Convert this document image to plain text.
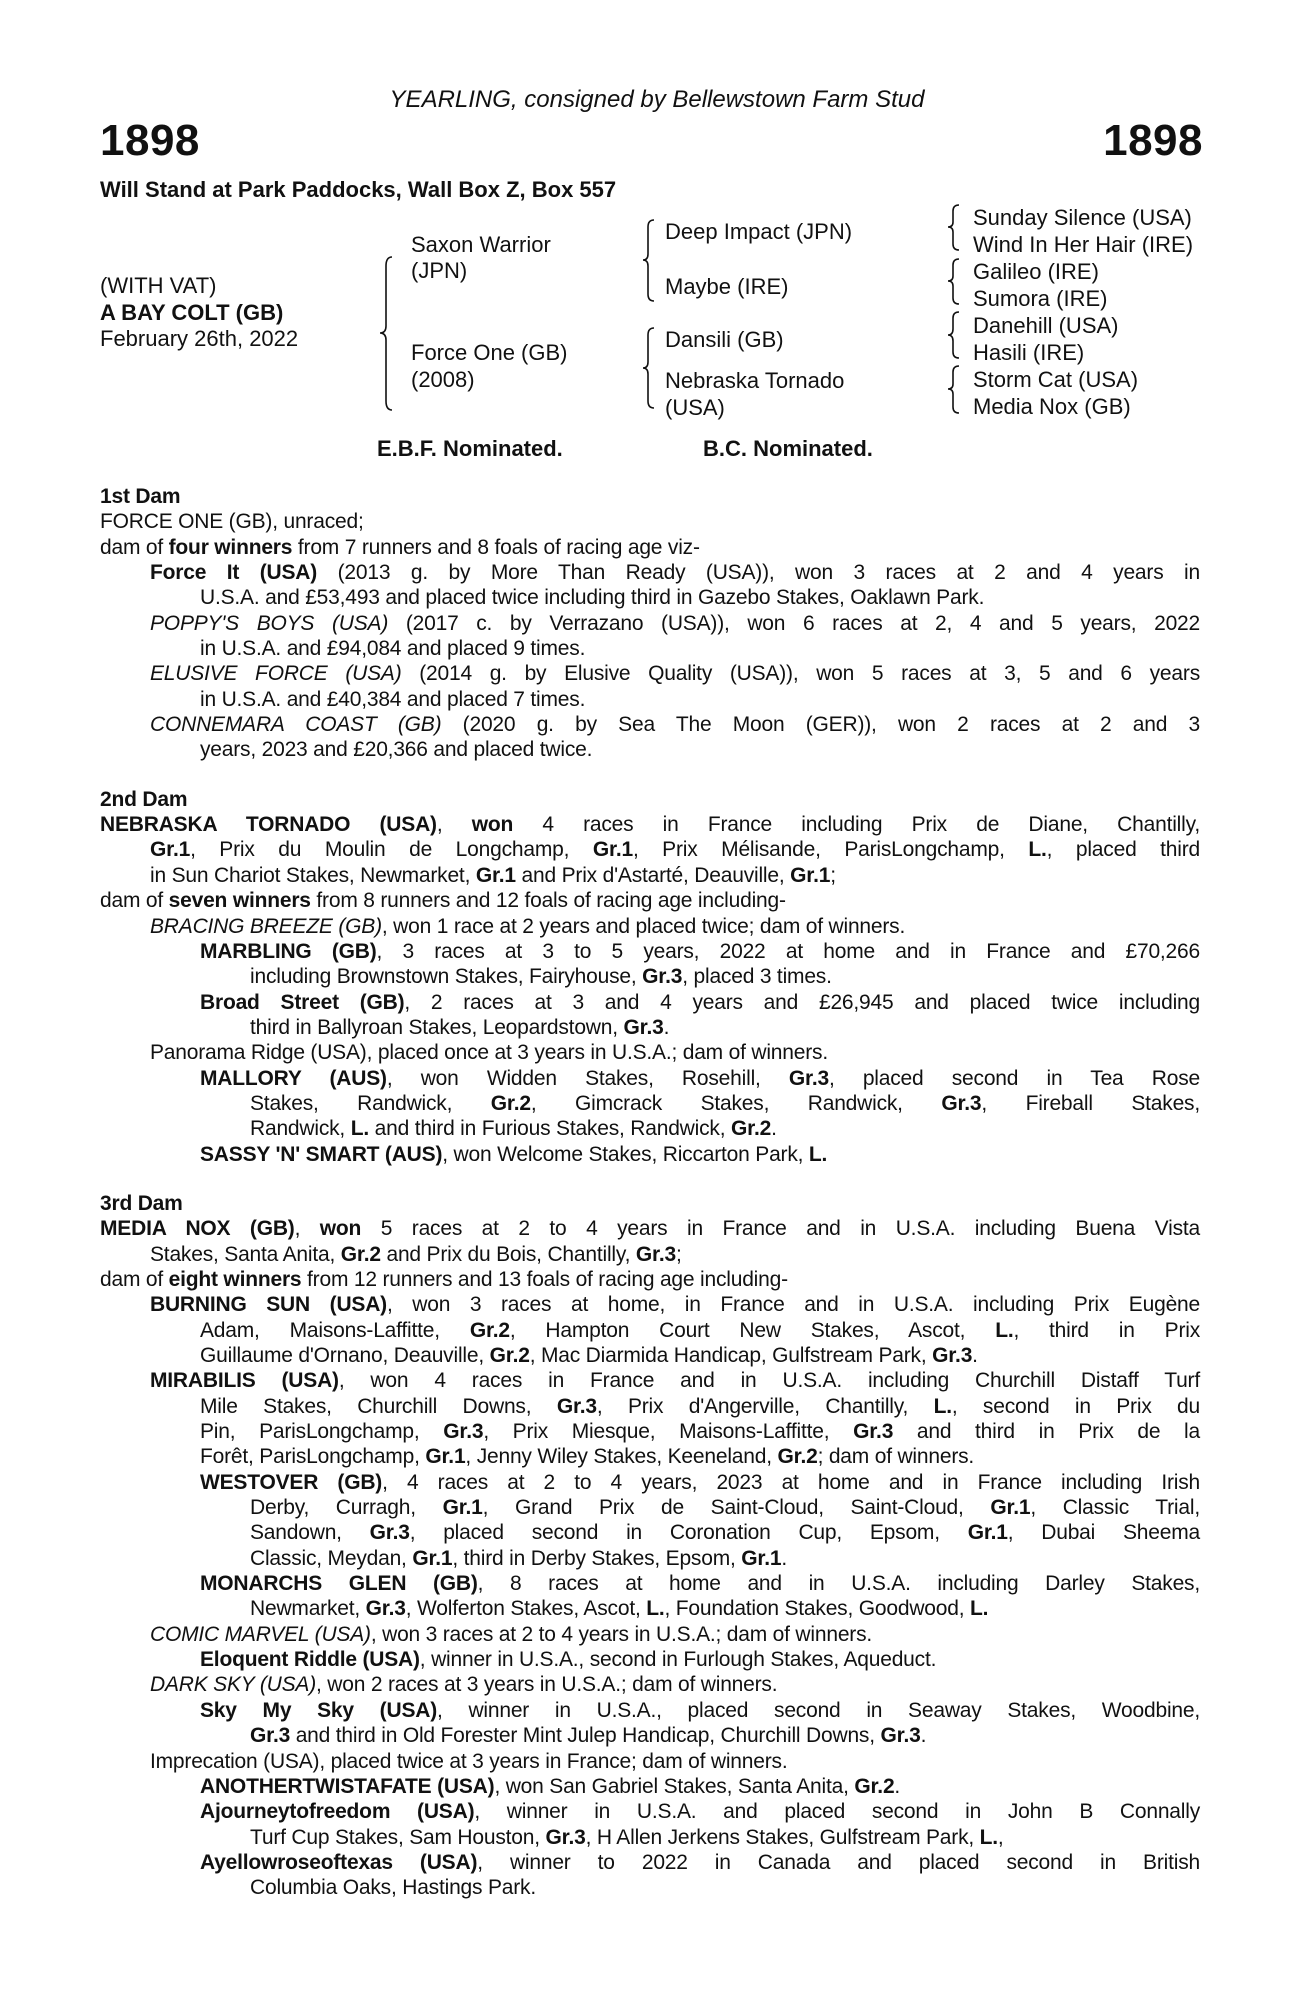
YEARLING, consigned by Bellewstown Farm Stud
1898	1898
Will Stand at Park Paddocks, Wall Box Z, Box 557
(WITH VAT)
A BAY COLT (GB)
February 26th, 2022
Saxon Warrior
(JPN)
Force One (GB)
(2008)
Deep Impact (JPN)
Maybe (IRE)
Dansili (GB)
Nebraska Tornado
(USA)
Sunday Silence (USA)
Wind In Her Hair (IRE)
Galileo (IRE)
Sumora (IRE)
Danehill (USA)
Hasili (IRE)
Storm Cat (USA)
Media Nox (GB)
E.B.F. Nominated.	B.C. Nominated.
1st Dam
FORCE ONE (GB), unraced;
dam of four winners from 7 runners and 8 foals of racing age viz-
Force It (USA) (2013 g. by More Than Ready (USA)), won 3 races at 2 and 4 years in
U.S.A. and £53,493 and placed twice including third in Gazebo Stakes, Oaklawn Park.
POPPY'S BOYS (USA) (2017 c. by Verrazano (USA)), won 6 races at 2, 4 and 5 years, 2022
in U.S.A. and £94,084 and placed 9 times.
ELUSIVE FORCE (USA) (2014 g. by Elusive Quality (USA)), won 5 races at 3, 5 and 6 years
in U.S.A. and £40,384 and placed 7 times.
CONNEMARA COAST (GB) (2020 g. by Sea The Moon (GER)), won 2 races at 2 and 3
years, 2023 and £20,366 and placed twice.
2nd Dam
NEBRASKA TORNADO (USA), won 4 races in France including Prix de Diane, Chantilly,
Gr.1, Prix du Moulin de Longchamp, Gr.1, Prix Mélisande, ParisLongchamp, L., placed third
in Sun Chariot Stakes, Newmarket, Gr.1 and Prix d'Astarté, Deauville, Gr.1;
dam of seven winners from 8 runners and 12 foals of racing age including-
BRACING BREEZE (GB), won 1 race at 2 years and placed twice; dam of winners.
MARBLING (GB), 3 races at 3 to 5 years, 2022 at home and in France and £70,266
including Brownstown Stakes, Fairyhouse, Gr.3, placed 3 times.
Broad Street (GB), 2 races at 3 and 4 years and £26,945 and placed twice including
third in Ballyroan Stakes, Leopardstown, Gr.3.
Panorama Ridge (USA), placed once at 3 years in U.S.A.; dam of winners.
MALLORY (AUS), won Widden Stakes, Rosehill, Gr.3, placed second in Tea Rose
Stakes, Randwick, Gr.2, Gimcrack Stakes, Randwick, Gr.3, Fireball Stakes,
Randwick, L. and third in Furious Stakes, Randwick, Gr.2.
SASSY 'N' SMART (AUS), won Welcome Stakes, Riccarton Park, L.
3rd Dam
MEDIA NOX (GB), won 5 races at 2 to 4 years in France and in U.S.A. including Buena Vista
Stakes, Santa Anita, Gr.2 and Prix du Bois, Chantilly, Gr.3;
dam of eight winners from 12 runners and 13 foals of racing age including-
BURNING SUN (USA), won 3 races at home, in France and in U.S.A. including Prix Eugène
Adam, Maisons-Laffitte, Gr.2, Hampton Court New Stakes, Ascot, L., third in Prix
Guillaume d'Ornano, Deauville, Gr.2, Mac Diarmida Handicap, Gulfstream Park, Gr.3.
MIRABILIS (USA), won 4 races in France and in U.S.A. including Churchill Distaff Turf
Mile Stakes, Churchill Downs, Gr.3, Prix d'Angerville, Chantilly, L., second in Prix du
Pin, ParisLongchamp, Gr.3, Prix Miesque, Maisons-Laffitte, Gr.3 and third in Prix de la
Forêt, ParisLongchamp, Gr.1, Jenny Wiley Stakes, Keeneland, Gr.2; dam of winners.
WESTOVER (GB), 4 races at 2 to 4 years, 2023 at home and in France including Irish
Derby, Curragh, Gr.1, Grand Prix de Saint-Cloud, Saint-Cloud, Gr.1, Classic Trial,
Sandown, Gr.3, placed second in Coronation Cup, Epsom, Gr.1, Dubai Sheema
Classic, Meydan, Gr.1, third in Derby Stakes, Epsom, Gr.1.
MONARCHS GLEN (GB), 8 races at home and in U.S.A. including Darley Stakes,
Newmarket, Gr.3, Wolferton Stakes, Ascot, L., Foundation Stakes, Goodwood, L.
COMIC MARVEL (USA), won 3 races at 2 to 4 years in U.S.A.; dam of winners.
Eloquent Riddle (USA), winner in U.S.A., second in Furlough Stakes, Aqueduct.
DARK SKY (USA), won 2 races at 3 years in U.S.A.; dam of winners.
Sky My Sky (USA), winner in U.S.A., placed second in Seaway Stakes, Woodbine,
Gr.3 and third in Old Forester Mint Julep Handicap, Churchill Downs, Gr.3.
Imprecation (USA), placed twice at 3 years in France; dam of winners.
ANOTHERTWISTAFATE (USA), won San Gabriel Stakes, Santa Anita, Gr.2.
Ajourneytofreedom (USA), winner in U.S.A. and placed second in John B Connally
Turf Cup Stakes, Sam Houston, Gr.3, H Allen Jerkens Stakes, Gulfstream Park, L.,
Ayellowroseoftexas (USA), winner to 2022 in Canada and placed second in British
Columbia Oaks, Hastings Park.
